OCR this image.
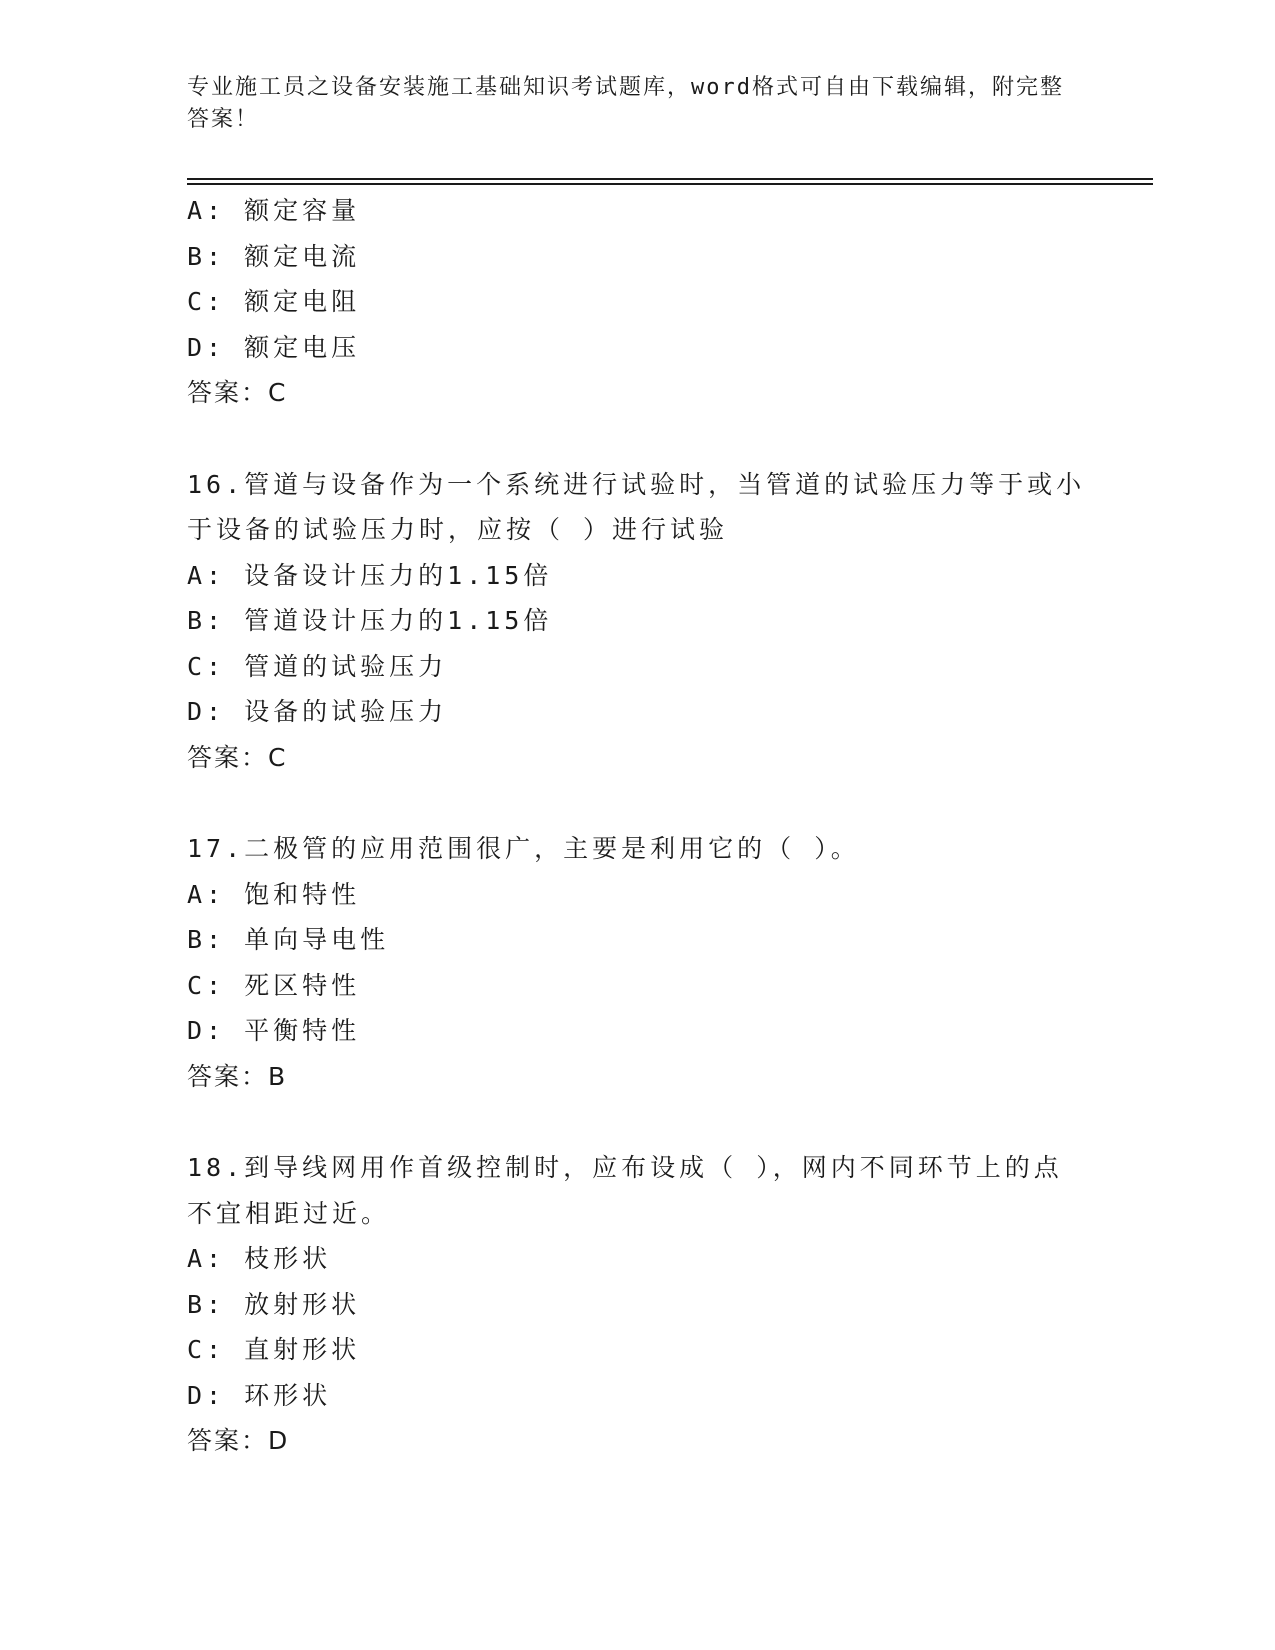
专业施工员之设备安装施工基础知识考试题库，word格式可自由下载编辑，附完整答案！
A: 额定容量
B: 额定电流
C: 额定电阻
D: 额定电压
答案：C
16.管道与设备作为一个系统进行试验时，当管道的试验压力等于或小于设备的试验压力时，应按（ ）进行试验
A: 设备设计压力的1.15倍
B: 管道设计压力的1.15倍
C: 管道的试验压力
D: 设备的试验压力
答案：C
17.二极管的应用范围很广，主要是利用它的（ ）。
A: 饱和特性
B: 单向导电性
C: 死区特性
D: 平衡特性
答案：B
18.到导线网用作首级控制时，应布设成（ ），网内不同环节上的点不宜相距过近。
A: 枝形状
B: 放射形状
C: 直射形状
D: 环形状
答案：D
